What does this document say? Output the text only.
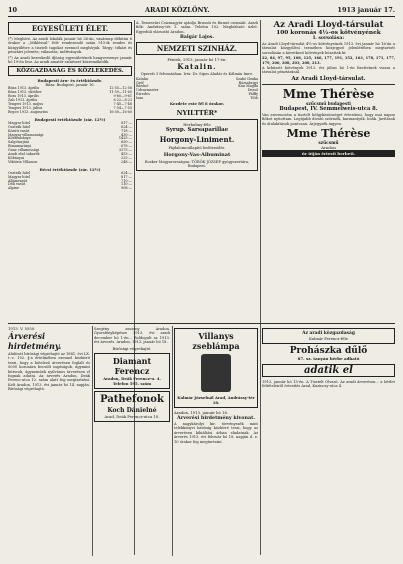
10	ARADI KÖZLÖNY.	1913 január 17.
EGYESÜLETI ÉLET.
(*) Meghívó. Az aradi Iskolák január hó 26-án, vasárnap délután 6 órakor a „Miklóssal” felé rendezendő szám 915-ik rendes és közgyűlésre a tisztelt tagokat ezennel meghívjuk. Tárgy: titkári és pénztári jelentés; választás; indítványok.
(*) Az aradi kereskedő ifjúság egyesületének hangversenye január hó 19-én lesz. Az aradi amatőr színészet közreműködik.
KÖZGAZDASÁG ÉS KÖZLEKEDÉS.
Budapesti áru- és értéktőzsde.
Búza: Budapest, január 16.
Búza 1913. április	12·55—12·56
Búza 1913. október	11·59—11·60
Rozs 1913. április	9·60—9·61
Zab 1913. április	8·22—8·23
Tengeri 1913. május	7·45—7·46
Tengeri 1913. július	7·54—7·55
Repce 1913. augusztus	16·50—16·60
Budapesti értéktőzsde (zár. 12½)
Magyar hitel	817·—
Osztrák hitel	624·—
Közúti vasút	718·—
Magyar villamossági	430·—
Kőszénbánya	1425·—
Salgótarjáni	650·—
Rimamurányi	678·—
Ganz villamossági	3375·—
Aradi első takarék	455·—
Kőbányai	225·—
Viktória Villamos	248·—
Bécsi értéktőzsde (zár. 12½)
Osztrák hitel	624·—
Magyar hitel	817·—
Államvasút	710·—
Déli vasút	110·—
Alpine	908·—
A. Temesvári Csizmagyár ajánlja Brassói és fiumei csizmáit. Aradi fiók: Andrássy-tér 3. szám. Telefon 102. Megbízható üzlet. Egyedüli elárusító Aradon.
Balgár Lajos.
NEMZETI SZINHÁZ.
Péntek, 1913. január hó 17-én:
Katalin.
Operett 3 felvonásban. Irta: Dr. Sipos Aladár és Kálmán Imre.
Katalin	Szabó Ilonka
Gróf	Rózsahegyi
Bárónő	Kun Magda
Udvarmester	Dezső
Ezredes	Pálffy
Inas	Tóth
Kezdete este fél 8 órakor.
NYILTTÉR*
Herbabny-féle
Syrup. Sarsaparillae
Horgony-Liniment.
Fájdalomcsillapító bedörzsölés.
Horgony-Vas-Albuminat
Rosker Magyarországon: TÖRÖK JÓZSEF gyógyszertára, Budapest.
Az Aradi Lloyd-társulat
100 koronás 4½-os kötvényének
I. sorsolása:
Az Aradi Lloyd-társulat 4½-os kötvényeinek 1913. évi január hó 16-án a társulat közgyűlési termében közjegyző jelenlétében megtartott sorsolásán a következő kötvények húzattak ki:
22, 84, 97, 95, 108, 125, 166, 177, 191, 152, 163, 178, 171, 177, 179, 206, 208, 203, 208, 213.
A kihúzott kötvények 1913. évi július hó 1-én fizettetnek vissza a társulat pénztáránál.
Az Aradi Lloyd-társulat.
Mme Thérèse
szűcsmű budapesti
Budapest, IV. Semmelweis-utca 8.
Van szerencsém a tisztelt hölgyközönséget értesíteni, hogy mai napon fiókot nyitottam. Legújabb divatú szőrmék, karmantyúk, boák. Javítások és átalakítások pontosan. Árjegyzék ingyen.
Mme Thérèse
szűcsmű
Aradon
úr útján értesít berheti.
1913. V. 5550.
Árverési hirdetmény.
Alulírott bírósági végrehajtó az 1881. évi LX. t.-c. 102. §-a értelmében ezennel közhírré teszi, hogy a kötelező árverésen foglalt és 5000 koronára becsült ingóságok, úgymint bútorok, ágyneműek nyilvános árverésen el fognak adatni. Az árverés Aradon, Deák Ferenc-utca 12. szám alatt fog megtartatni. Kelt Aradon, 1913. évi január hó 14. napján. Bírósági végrehajtó.
Szegény asszony Aradon, Gyorsfényképésze 1913. évi aradi december hó 1-én... Boldogult az 1913. évi árverés. Aradon, 1913. január hó 18.
Bírósági végrehajtó.
Diamant Ferencz
Aradon, Deák Ferencz-u. 4. Telefon 595. szám
Pathefonok
Koch Dánielné
Arad, Deák Ferencz-utca 10.
Villanys zseblámpa
Kalmár Józsefnál Arad, Andrássy-tér 18.
Aradon, 1913. január hó 16.
Árverési hirdetmény kivonat.
A nagykárolyi kir. törvényszék mint telekkönyvi hatóság közhírré teszi, hogy az árverésen kikiáltási árban eladatnak. Az árverés 1913. évi február hó 18. napján d. e. 10 órakor fog megtartatni.
Az aradi közgazdaság
Kalmár Ferencz-féle
Prohászka dűlő
87. sz. tanyán bérbe adható
adatik el
1913. január hó 15-én. A Tisztelt Olvasó. Az aradi árverésen... a bérlet feltételeiről értesítés Arad, Kazinczy-utca 4.
